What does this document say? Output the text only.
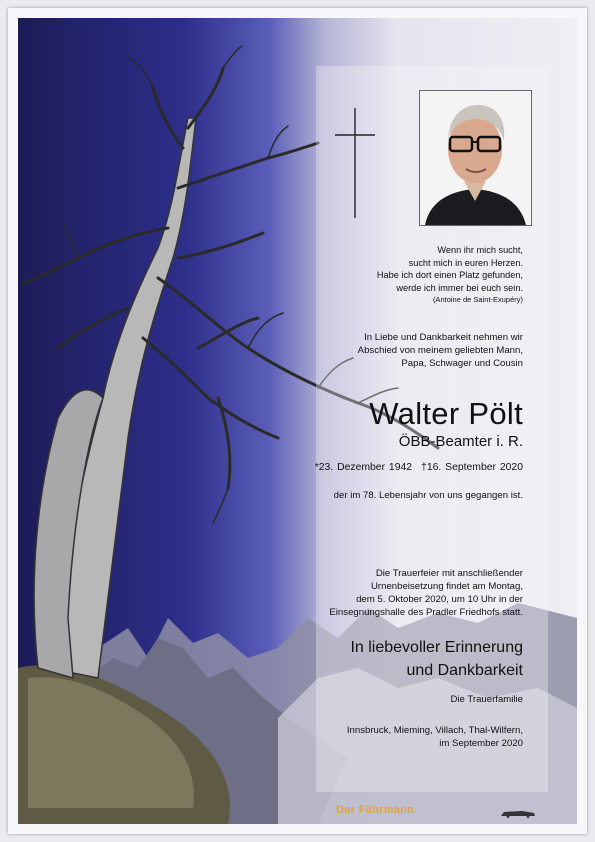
Wenn ihr mich sucht,
sucht mich in euren Herzen.
Habe ich dort einen Platz gefunden,
werde ich immer bei euch sein.
(Antoine de Saint-Exupéry)
In Liebe und Dankbarkeit nehmen wir
Abschied von meinem geliebten Mann,
Papa, Schwager und Cousin
Walter Pölt
ÖBB-Beamter i. R.
*23. Dezember 1942 †16. September 2020
der im 78. Lebensjahr von uns gegangen ist.
Die Trauerfeier mit anschließender
Urnenbeisetzung findet am Montag,
dem 5. Oktober 2020, um 10 Uhr in der
Einsegnungshalle des Pradler Friedhofs statt.
In liebevoller Erinnerung
und Dankbarkeit
Die Trauerfamilie
Innsbruck, Mieming, Villach, Thal-Wilfern,
im September 2020
Der Fährmann
